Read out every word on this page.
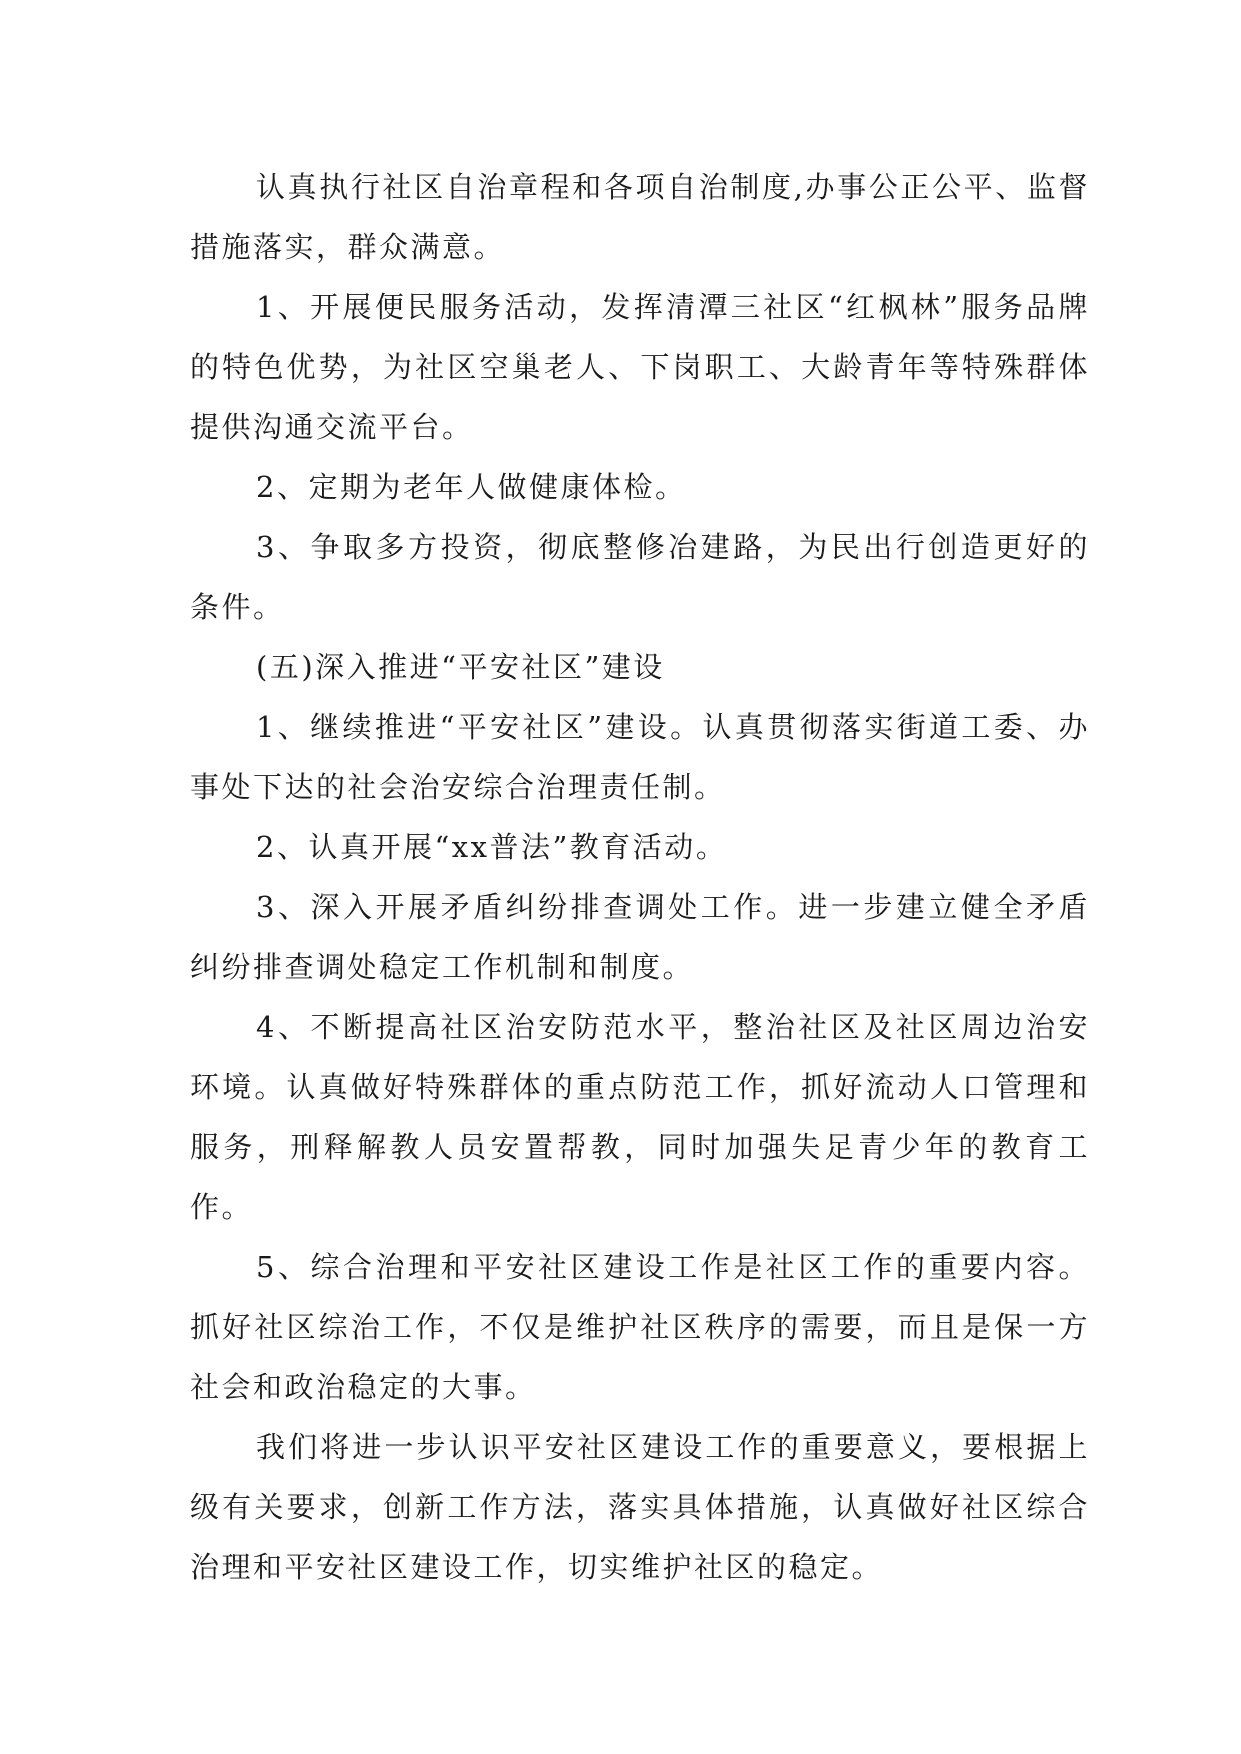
认真执行社区自治章程和各项自治制度,办事公正公平、监督措施落实，群众满意。

1、开展便民服务活动，发挥清潭三社区“红枫林”服务品牌的特色优势，为社区空巢老人、下岗职工、大龄青年等特殊群体提供沟通交流平台。

2、定期为老年人做健康体检。

3、争取多方投资，彻底整修冶建路，为民出行创造更好的条件。

(五)深入推进“平安社区”建设

1、继续推进“平安社区”建设。认真贯彻落实街道工委、办事处下达的社会治安综合治理责任制。

2、认真开展“xx普法”教育活动。

3、深入开展矛盾纠纷排查调处工作。进一步建立健全矛盾纠纷排查调处稳定工作机制和制度。

4、不断提高社区治安防范水平，整治社区及社区周边治安环境。认真做好特殊群体的重点防范工作，抓好流动人口管理和服务，刑释解教人员安置帮教，同时加强失足青少年的教育工作。

5、综合治理和平安社区建设工作是社区工作的重要内容。抓好社区综治工作，不仅是维护社区秩序的需要，而且是保一方社会和政治稳定的大事。

我们将进一步认识平安社区建设工作的重要意义，要根据上级有关要求，创新工作方法，落实具体措施，认真做好社区综合治理和平安社区建设工作，切实维护社区的稳定。
